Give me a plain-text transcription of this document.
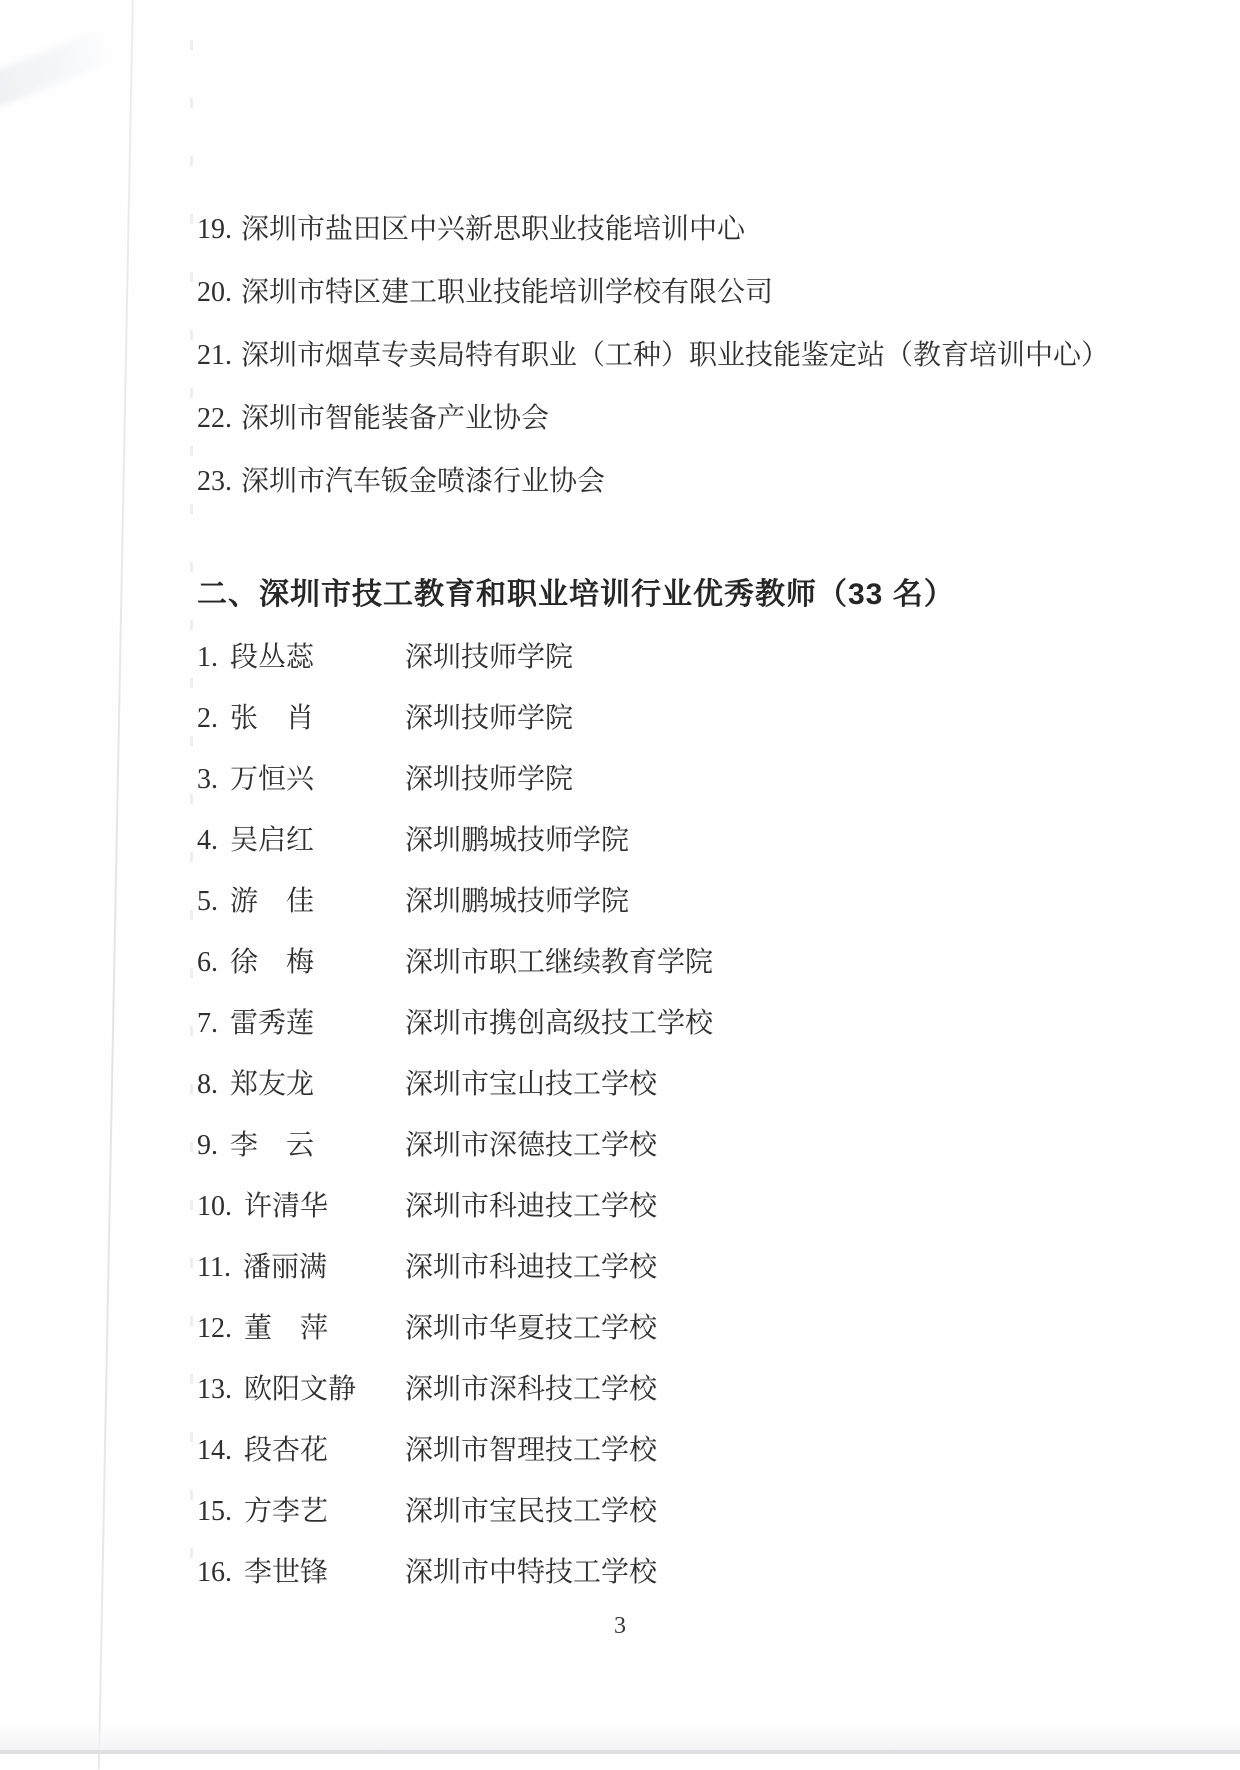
19. 深圳市盐田区中兴新思职业技能培训中心
20. 深圳市特区建工职业技能培训学校有限公司
21. 深圳市烟草专卖局特有职业（工种）职业技能鉴定站（教育培训中心）
22. 深圳市智能装备产业协会
23. 深圳市汽车钣金喷漆行业协会
二、深圳市技工教育和职业培训行业优秀教师（33 名）
1. 段丛蕊	深圳技师学院
2. 张　肖	深圳技师学院
3. 万恒兴	深圳技师学院
4. 吴启红	深圳鹏城技师学院
5. 游　佳	深圳鹏城技师学院
6. 徐　梅	深圳市职工继续教育学院
7. 雷秀莲	深圳市携创高级技工学校
8. 郑友龙	深圳市宝山技工学校
9. 李　云	深圳市深德技工学校
10. 许清华	深圳市科迪技工学校
11. 潘丽满	深圳市科迪技工学校
12. 董　萍	深圳市华夏技工学校
13. 欧阳文静	深圳市深科技工学校
14. 段杏花	深圳市智理技工学校
15. 方李艺	深圳市宝民技工学校
16. 李世锋	深圳市中特技工学校
3
